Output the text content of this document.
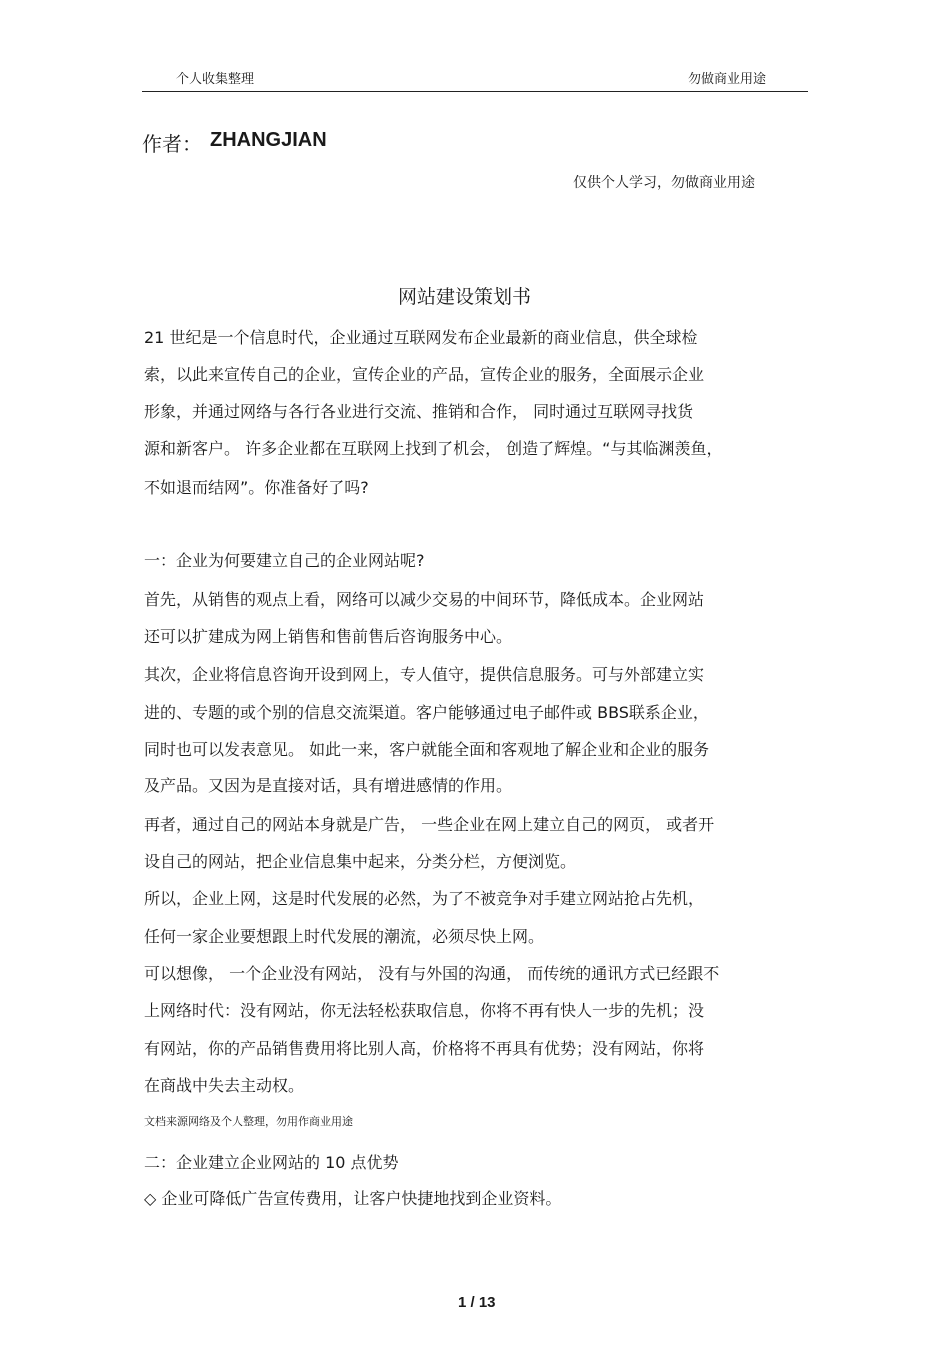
个人收集整理	勿做商业用途
作者： ZHANGJIAN
仅供个人学习，勿做商业用途
网站建设策划书
21 世纪是一个信息时代，企业通过互联网发布企业最新的商业信息，供全球检
索，以此来宣传自己的企业，宣传企业的产品，宣传企业的服务，全面展示企业
形象，并通过网络与各行各业进行交流、推销和合作， 同时通过互联网寻找货
源和新客户。 许多企业都在互联网上找到了机会， 创造了辉煌。“与其临渊羡鱼，
不如退而结网”。你准备好了吗?
一：企业为何要建立自己的企业网站呢?
首先，从销售的观点上看，网络可以减少交易的中间环节，降低成本。企业网站
还可以扩建成为网上销售和售前售后咨询服务中心。
其次，企业将信息咨询开设到网上，专人值守，提供信息服务。可与外部建立实
进的、专题的或个别的信息交流渠道。客户能够通过电子邮件或 BBS联系企业，
同时也可以发表意见。 如此一来，客户就能全面和客观地了解企业和企业的服务
及产品。又因为是直接对话，具有增进感情的作用。
再者，通过自己的网站本身就是广告， 一些企业在网上建立自己的网页， 或者开
设自己的网站，把企业信息集中起来，分类分栏，方便浏览。
所以，企业上网，这是时代发展的必然，为了不被竞争对手建立网站抢占先机，
任何一家企业要想跟上时代发展的潮流，必须尽快上网。
可以想像， 一个企业没有网站， 没有与外国的沟通， 而传统的通讯方式已经跟不
上网络时代：没有网站，你无法轻松获取信息，你将不再有快人一步的先机；没
有网站，你的产品销售费用将比别人高，价格将不再具有优势；没有网站，你将
在商战中失去主动权。
文档来源网络及个人整理，勿用作商业用途
二：企业建立企业网站的 10 点优势
◇ 企业可降低广告宣传费用，让客户快捷地找到企业资料。
1 / 13
